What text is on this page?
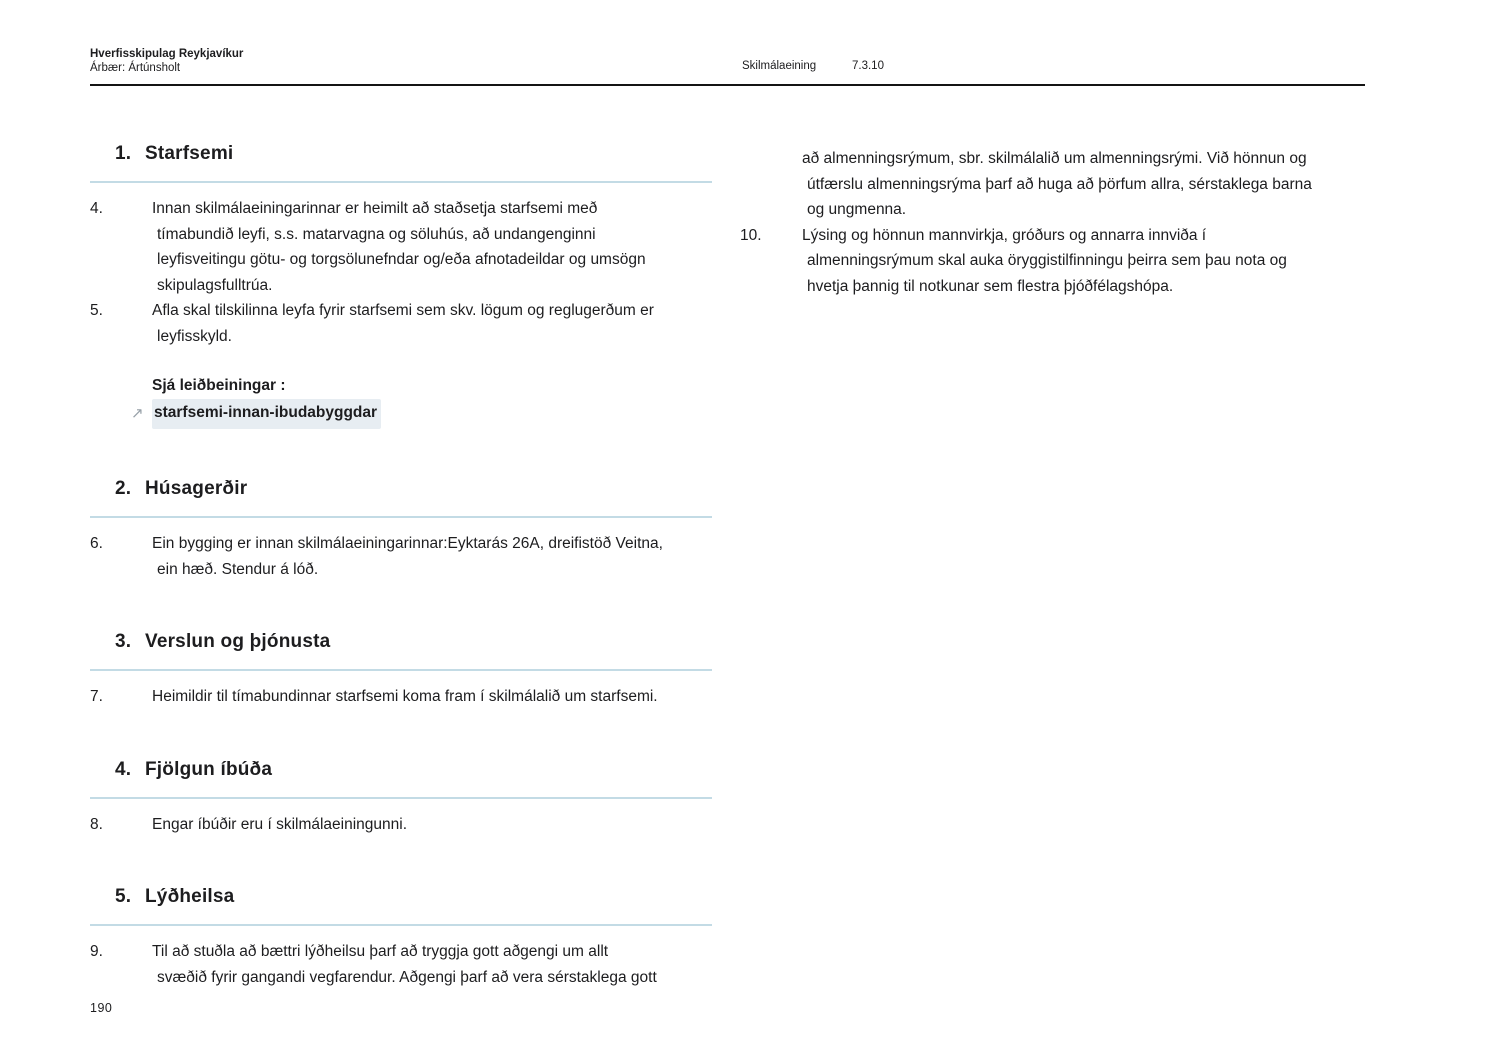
Hverfisskipulag Reykjavíkur
Árbær: Ártúnsholt	Skilmálaeining	7.3.10
1. Starfsemi
4.	Innan skilmálaeiningarinnar er heimilt að staðsetja starfsemi með
tímabundið leyfi, s.s. matarvagna og söluhús, að undangenginni
leyfisveitingu götu- og torgsölunefndar og/eða afnotadeildar og umsögn
skipulagsfulltrúa.
5.	Afla skal tilskilinna leyfa fyrir starfsemi sem skv. lögum og reglugerðum er
leyfisskyld.
Sjá leiðbeiningar :
↗ starfsemi-innan-ibudabyggdar
2. Húsagerðir
6.	Ein bygging er innan skilmálaeiningarinnar:Eyktarás 26A, dreifistöð Veitna,
ein hæð. Stendur á lóð.
3. Verslun og þjónusta
7.	Heimildir til tímabundinnar starfsemi koma fram í skilmálalið um starfsemi.
4. Fjölgun íbúða
8.	Engar íbúðir eru í skilmálaeiningunni.
5. Lýðheilsa
9.	Til að stuðla að bættri lýðheilsu þarf að tryggja gott aðgengi um allt
svæðið fyrir gangandi vegfarendur. Aðgengi þarf að vera sérstaklega gott
að almenningsrýmum, sbr. skilmálalið um almenningsrými. Við hönnun og
útfærslu almenningsrýma þarf að huga að þörfum allra, sérstaklega barna
og ungmenna.
10.	Lýsing og hönnun mannvirkja, gróðurs og annarra innviða í
almenningsrýmum skal auka öryggistilfinningu þeirra sem þau nota og
hvetja þannig til notkunar sem flestra þjóðfélagshópa.
190
